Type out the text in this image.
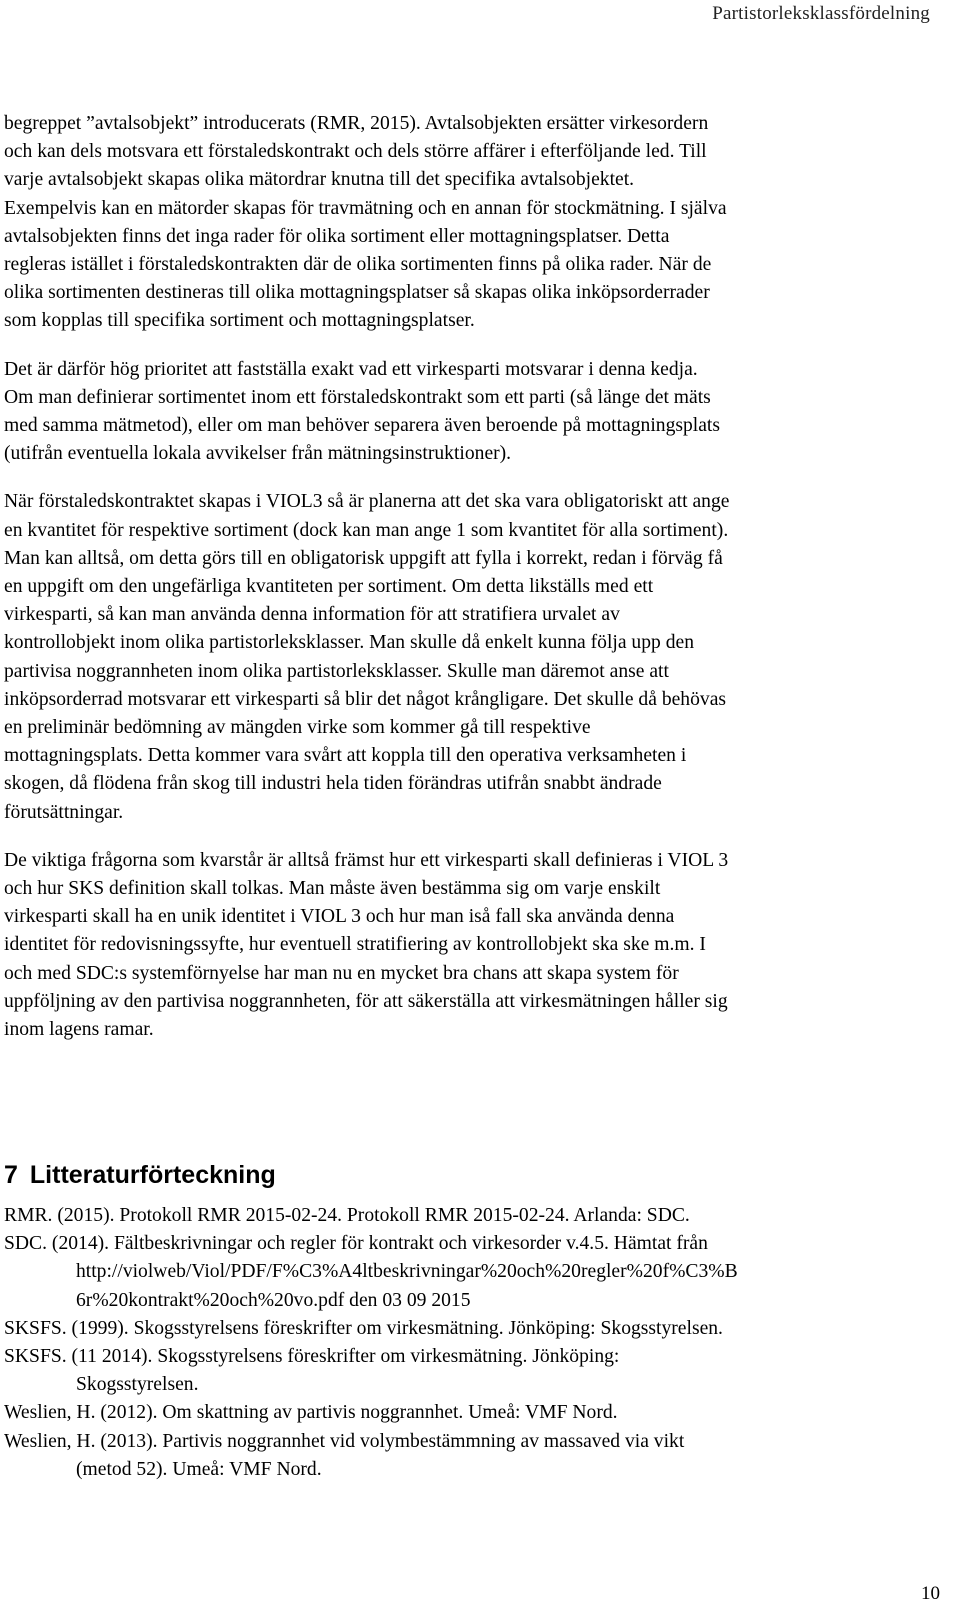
Partistorleksklassfördelning

begreppet ”avtalsobjekt” introducerats (RMR, 2015). Avtalsobjekten ersätter virkesordern
och kan dels motsvara ett förstaledskontrakt och dels större affärer i efterföljande led. Till
varje avtalsobjekt skapas olika mätordrar knutna till det specifika avtalsobjektet.
Exempelvis kan en mätorder skapas för travmätning och en annan för stockmätning. I själva
avtalsobjekten finns det inga rader för olika sortiment eller mottagningsplatser. Detta
regleras istället i förstaledskontrakten där de olika sortimenten finns på olika rader. När de
olika sortimenten destineras till olika mottagningsplatser så skapas olika inköpsorderrader
som kopplas till specifika sortiment och mottagningsplatser.

Det är därför hög prioritet att fastställa exakt vad ett virkesparti motsvarar i denna kedja.
Om man definierar sortimentet inom ett förstaledskontrakt som ett parti (så länge det mäts
med samma mätmetod), eller om man behöver separera även beroende på mottagningsplats
(utifrån eventuella lokala avvikelser från mätningsinstruktioner).

När förstaledskontraktet skapas i VIOL3 så är planerna att det ska vara obligatoriskt att ange
en kvantitet för respektive sortiment (dock kan man ange 1 som kvantitet för alla sortiment).
Man kan alltså, om detta görs till en obligatorisk uppgift att fylla i korrekt, redan i förväg få
en uppgift om den ungefärliga kvantiteten per sortiment. Om detta likställs med ett
virkesparti, så kan man använda denna information för att stratifiera urvalet av
kontrollobjekt inom olika partistorleksklasser. Man skulle då enkelt kunna följa upp den
partivisa noggrannheten inom olika partistorleksklasser. Skulle man däremot anse att
inköpsorderrad motsvarar ett virkesparti så blir det något krångligare. Det skulle då behövas
en preliminär bedömning av mängden virke som kommer gå till respektive
mottagningsplats. Detta kommer vara svårt att koppla till den operativa verksamheten i
skogen, då flödena från skog till industri hela tiden förändras utifrån snabbt ändrade
förutsättningar.

De viktiga frågorna som kvarstår är alltså främst hur ett virkesparti skall definieras i VIOL 3
och hur SKS definition skall tolkas. Man måste även bestämma sig om varje enskilt
virkesparti skall ha en unik identitet i VIOL 3 och hur man iså fall ska använda denna
identitet för redovisningssyfte, hur eventuell stratifiering av kontrollobjekt ska ske m.m. I
och med SDC:s systemförnyelse har man nu en mycket bra chans att skapa system för
uppföljning av den partivisa noggrannheten, för att säkerställa att virkesmätningen håller sig
inom lagens ramar.

7 Litteraturförteckning
RMR. (2015). Protokoll RMR 2015-02-24. Protokoll RMR 2015-02-24. Arlanda: SDC.
SDC. (2014). Fältbeskrivningar och regler för kontrakt och virkesorder v.4.5. Hämtat från
http://violweb/Viol/PDF/F%C3%A4ltbeskrivningar%20och%20regler%20f%C3%B
6r%20kontrakt%20och%20vo.pdf den 03 09 2015
SKSFS. (1999). Skogsstyrelsens föreskrifter om virkesmätning. Jönköping: Skogsstyrelsen.
SKSFS. (11 2014). Skogsstyrelsens föreskrifter om virkesmätning. Jönköping:
Skogsstyrelsen.
Weslien, H. (2012). Om skattning av partivis noggrannhet. Umeå: VMF Nord.
Weslien, H. (2013). Partivis noggrannhet vid volymbestämmning av massaved via vikt
(metod 52). Umeå: VMF Nord.
10
